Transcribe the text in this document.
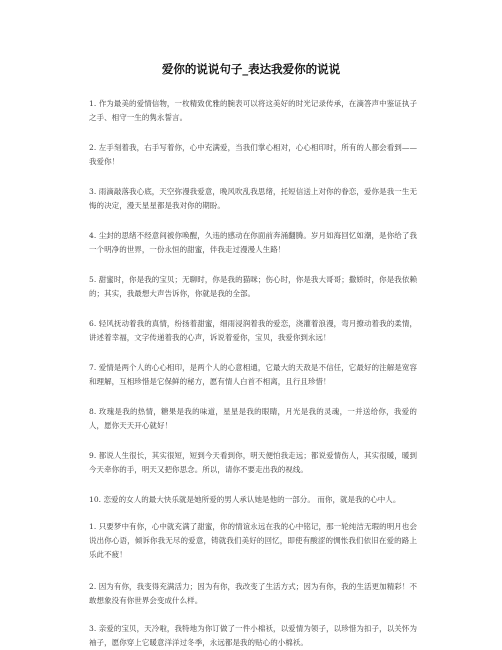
爱你的说说句子_表达我爱你的说说
1. 作为最美的爱情信物，一枚精致优雅的腕表可以将这美好的时光记录传承，在滴答声中鉴证执子之手、相守一生的隽永誓言。
2. 左手刻着我，右手写着你，心中充满爱，当我们掌心相对，心心相印时，所有的人都会看到——我爱你！
3. 雨滴敲落我心底，天空弥漫我爱意，晚风吹乱我思绪，托短信送上对你的眷恋，爱你是我一生无悔的决定，漫天星星都是我对你的期盼。
4. 尘封的思绪不经意间被你唤醒，久违的感动在你面前奔涌翻腾。岁月如海回忆如潮，是你给了我一个明净的世界，一份永恒的甜蜜，伴我走过漫漫人生路！
5. 甜蜜时，你是我的宝贝；无聊时，你是我的猫咪；伤心时，你是我大哥哥；撒娇时，你是我依赖的；其实，我最想大声告诉你，你就是我的全部。
6. 轻风抚动着我的真情，纷扬着甜蜜，细雨浸润着我的爱恋，浇灌着浪漫，弯月撩动着我的柔情，讲述着幸福，文字传递着我的心声，诉说着爱你，宝贝，我爱你到永远！
7. 爱情是两个人的心心相印，是两个人的心意相通，它最大的天敌是不信任，它最好的注解是宽容和理解，互相珍惜是它保鲜的秘方，愿有情人白首不相离，且行且珍惜！
8. 玫瑰是我的热情，糖果是我的味道，星星是我的眼睛，月光是我的灵魂，一并送给你，我爱的人，愿你天天开心就好！
9. 都说人生很长，其实很短，短到今天看到你，明天便怕我走远；都说爱情伤人，其实很暖，暖到今天牵你的手，明天又把你思念。所以，请你不要走出我的视线。
10. 恋爱的女人的最大快乐就是她所爱的男人承认她是他的一部分。 而你，就是我的心中人。
1. 只要梦中有你，心中就充满了甜蜜，你的情谊永远在我的心中铭记，那一轮纯洁无瑕的明月也会说出你心语，倾诉你我无尽的爱意，铸就我们美好的回忆，即使有酸涩的惆怅我们依旧在爱的路上乐此不疲！
2. 因为有你，我变得充满活力；因为有你，我改变了生活方式；因为有你，我的生活更加精彩！不敢想象没有你世界会变成什么样。
3. 亲爱的宝贝，天冷啦，我特地为你订做了一件小棉袄，以爱情为领子，以珍惜为扣子，以关怀为袖子，愿你穿上它暖意洋洋过冬季，永远都是我的贴心的小棉袄。
